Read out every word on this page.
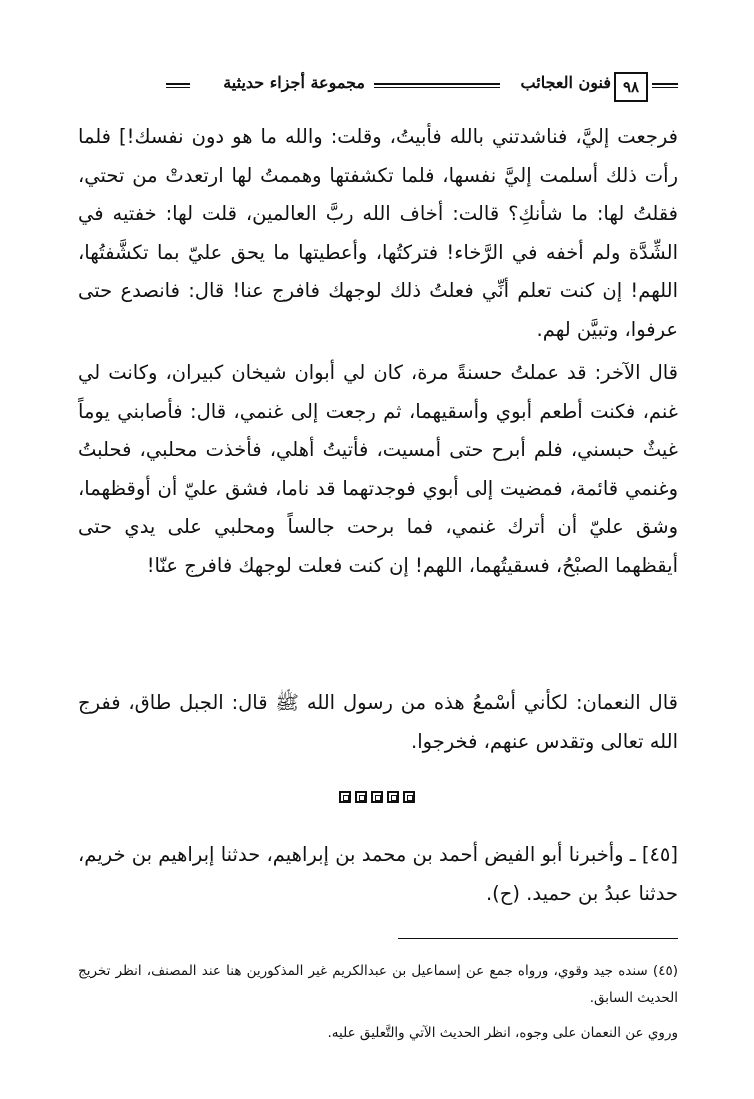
٩٨
فنون العجائب
مجموعة أجزاء حديثية

فرجعت إليَّ، فناشدتني بالله فأبيتُ، وقلت: والله ما هو دون نفسك!] فلما رأت ذلك أسلمت إليَّ نفسها، فلما تكشفتها وهممتُ لها ارتعدتْ من تحتي، فقلتُ لها: ما شأنكِ؟ قالت: أخاف الله ربَّ العالمين، قلت لها: خفتيه في الشِّدَّة ولم أخفه في الرَّخاء! فتركتُها، وأعطيتها ما يحق عليّ بما تكشَّفتُها، اللهم! إن كنت تعلم أنِّي فعلتُ ذلك لوجهك فافرج عنا! قال: فانصدع حتى عرفوا، وتبيَّن لهم.

قال الآخر: قد عملتُ حسنةً مرة، كان لي أبوان شيخان كبيران، وكانت لي غنم، فكنت أطعم أبوي وأسقيهما، ثم رجعت إلى غنمي، قال: فأصابني يوماً غيثٌ حبسني، فلم أبرح حتى أمسيت، فأتيتُ أهلي، فأخذت محلبي، فحلبتُ وغنمي قائمة، فمضيت إلى أبوي فوجدتهما قد ناما، فشق عليّ أن أوقظهما، وشق عليّ أن أترك غنمي، فما برحت جالساً ومحلبي على يدي حتى أيقظهما الصبْحُ، فسقيتُهما، اللهم! إن كنت فعلت لوجهك فافرج عنّا!

قال النعمان: لكأني أسْمعُ هذه من رسول الله ﷺ قال: الجبل طاق، ففرج الله تعالى وتقدس عنهم، فخرجوا.

[٤٥] ـ وأخبرنا أبو الفيض أحمد بن محمد بن إبراهيم، حدثنا إبراهيم بن خريم، حدثنا عبدُ بن حميد. (ح).

(٤٥) سنده جيد وقوي، ورواه جمع عن إسماعيل بن عبدالكريم غير المذكورين هنا عند المصنف، انظر تخريج الحديث السابق.

وروي عن النعمان على وجوه، انظر الحديث الآتي والتَّعليق عليه.
